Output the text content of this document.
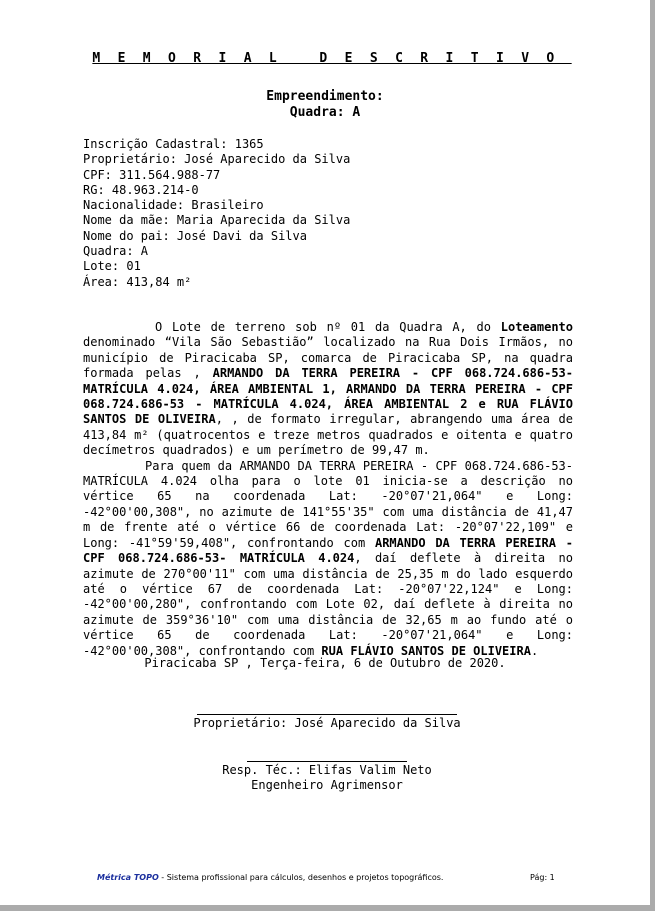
MEMORIAL DESCRITIVO
Empreendimento:
Quadra: A
Inscrição Cadastral: 1365
Proprietário: José Aparecido da Silva
CPF: 311.564.988-77
RG: 48.963.214-0
Nacionalidade: Brasileiro
Nome da mãe: Maria Aparecida da Silva
Nome do pai: José Davi da Silva
Quadra: A
Lote: 01
Área: 413,84 m²

O Lote de terreno sob nº 01 da Quadra A, do Loteamento denominado “Vila São Sebastião” localizado na Rua Dois Irmãos, no município de Piracicaba SP, comarca de Piracicaba SP, na quadra formada pelas , ARMANDO DA TERRA PEREIRA - CPF 068.724.686-53- MATRÍCULA 4.024, ÁREA AMBIENTAL 1, ARMANDO DA TERRA PEREIRA - CPF 068.724.686-53 - MATRÍCULA 4.024, ÁREA AMBIENTAL 2 e RUA FLÁVIO SANTOS DE OLIVEIRA, , de formato irregular, abrangendo uma área de 413,84 m² (quatrocentos e treze metros quadrados e oitenta e quatro decímetros quadrados) e um perímetro de 99,47 m.

Para quem da ARMANDO DA TERRA PEREIRA - CPF 068.724.686-53- MATRÍCULA 4.024 olha para o lote 01 inicia-se a descrição no vértice 65 na coordenada Lat: -20°07'21,064" e Long: -42°00'00,308", no azimute de 141°55'35" com uma distância de 41,47 m de frente até o vértice 66 de coordenada Lat: -20°07'22,109" e Long: -41°59'59,408", confrontando com ARMANDO DA TERRA PEREIRA - CPF 068.724.686-53- MATRÍCULA 4.024, daí deflete à direita no azimute de 270°00'11" com uma distância de 25,35 m do lado esquerdo até o vértice 67 de coordenada Lat: -20°07'22,124" e Long: -42°00'00,280", confrontando com Lote 02, daí deflete à direita no azimute de 359°36'10" com uma distância de 32,65 m ao fundo até o vértice 65 de coordenada Lat: -20°07'21,064" e Long: -42°00'00,308", confrontando com RUA FLÁVIO SANTOS DE OLIVEIRA.

Piracicaba SP , Terça-feira, 6 de Outubro de 2020.
Proprietário: José Aparecido da Silva
Resp. Téc.: Elifas Valim Neto
Engenheiro Agrimensor
Métrica TOPO - Sistema profissional para cálculos, desenhos e projetos topográficos.	Pág: 1
